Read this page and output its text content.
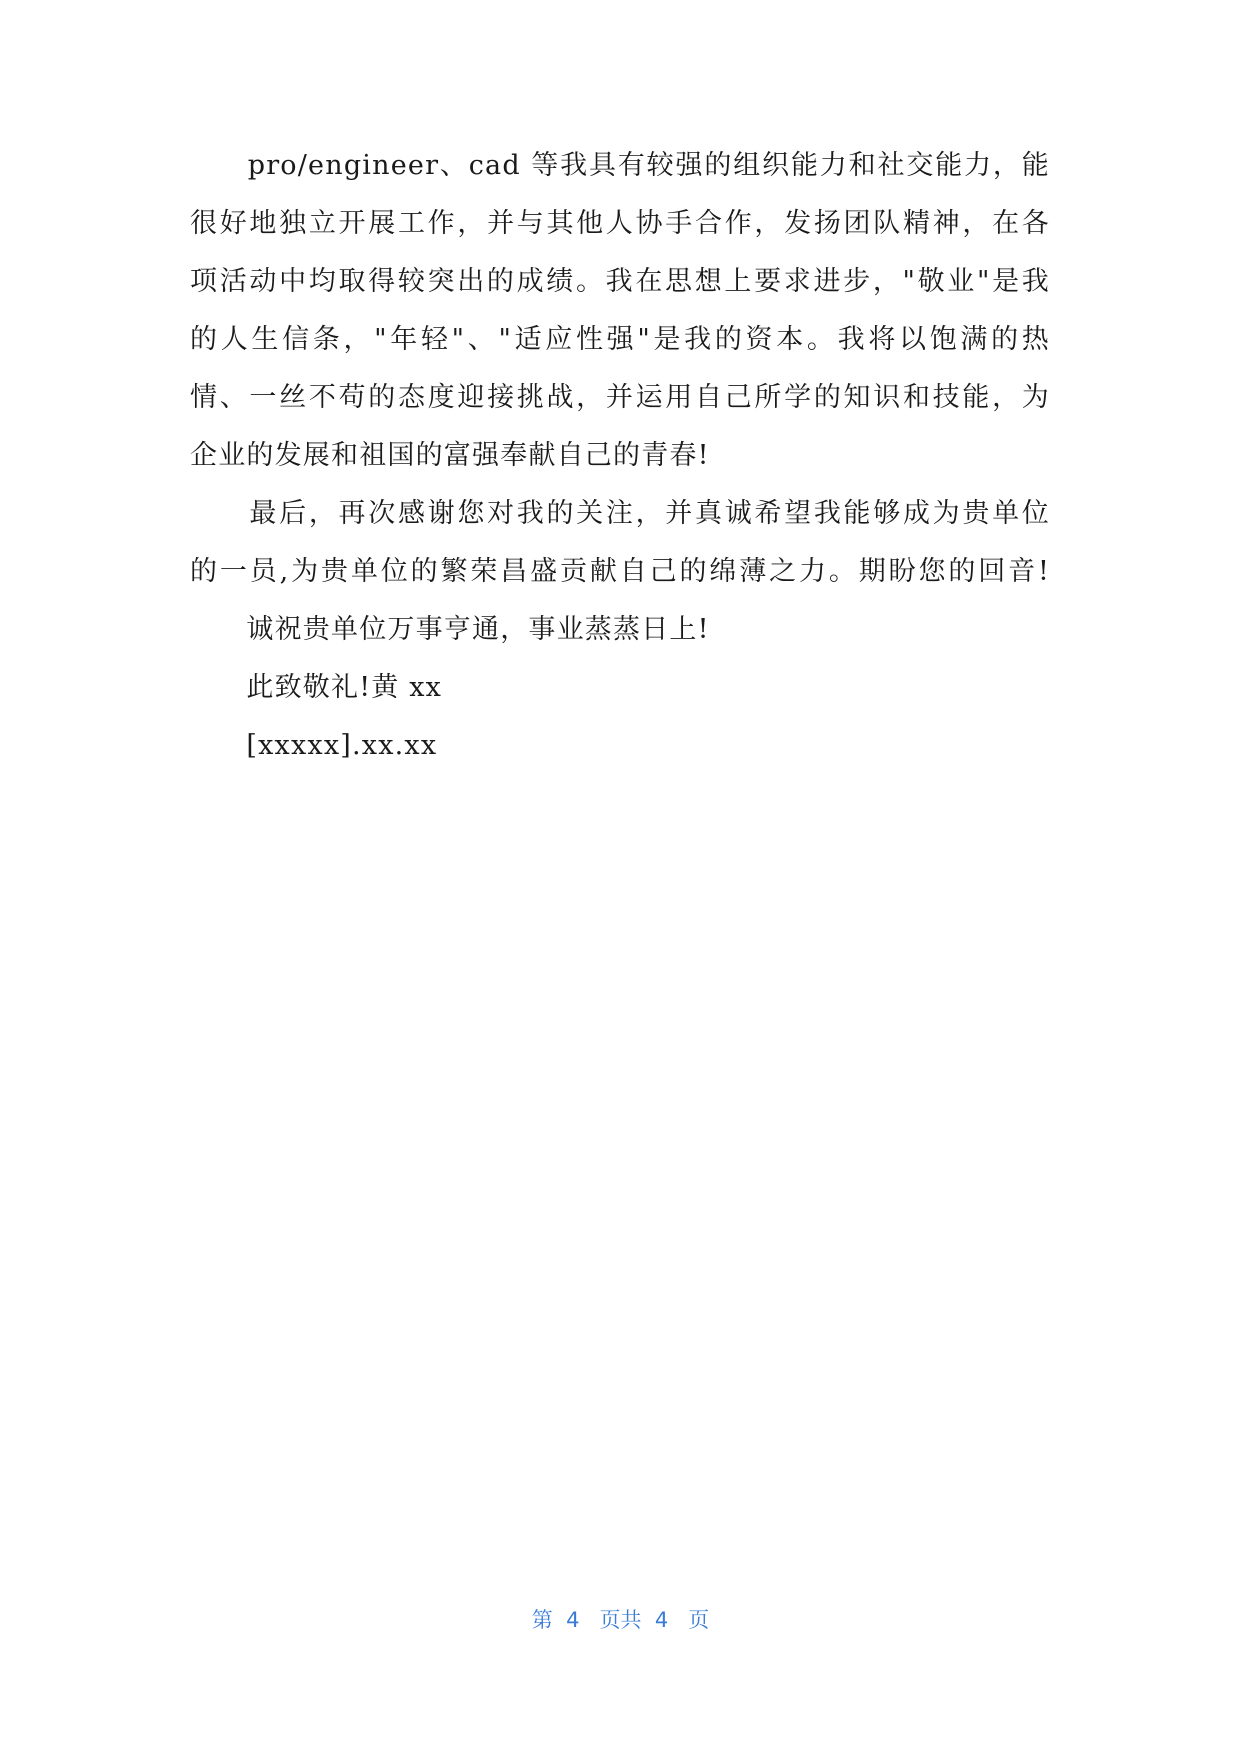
　　pro/engineer、cad 等我具有较强的组织能力和社交能力，能
很好地独立开展工作，并与其他人协手合作，发扬团队精神，在各
项活动中均取得较突出的成绩。我在思想上要求进步，"敬业"是我
的人生信条，"年轻"、"适应性强"是我的资本。我将以饱满的热
情、一丝不苟的态度迎接挑战，并运用自己所学的知识和技能，为
企业的发展和祖国的富强奉献自己的青春!
　　最后，再次感谢您对我的关注，并真诚希望我能够成为贵单位
的一员,为贵单位的繁荣昌盛贡献自己的绵薄之力。期盼您的回音!
　　诚祝贵单位万事亨通，事业蒸蒸日上!
　　此致敬礼!黄 xx
　　[xxxxx].xx.xx
第  4   页共  4   页
